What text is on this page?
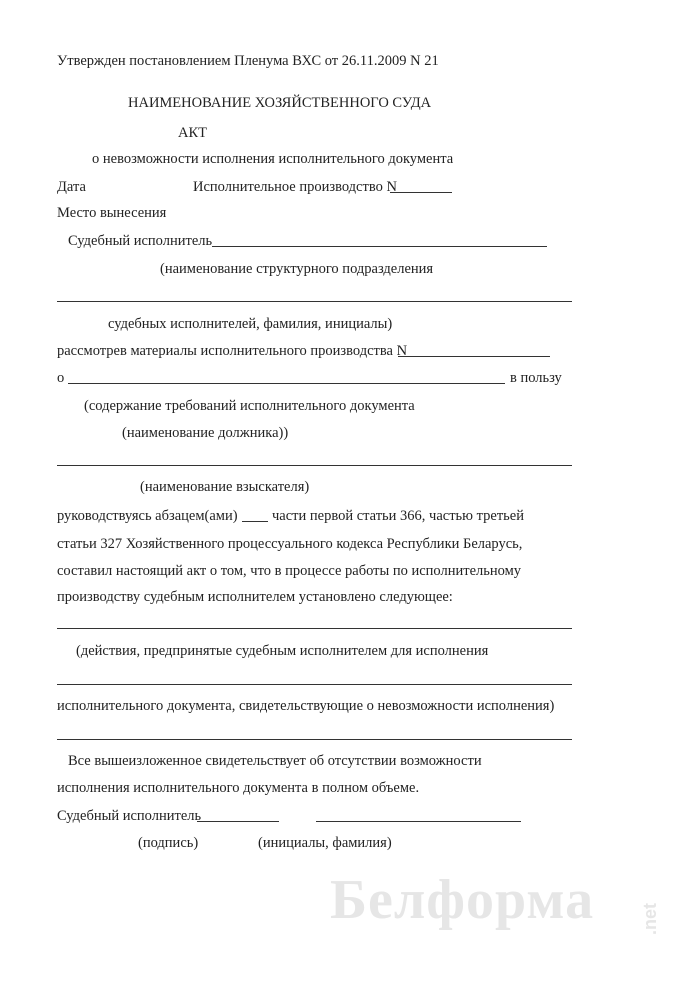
Утвержден постановлением Пленума ВХС от 26.11.2009 N 21
НАИМЕНОВАНИЕ ХОЗЯЙСТВЕННОГО СУДА
АКТ
о невозможности исполнения исполнительного документа
Дата	Исполнительное производство N
Место вынесения
Судебный исполнитель
(наименование структурного подразделения
судебных исполнителей, фамилия, инициалы)
рассмотрев материалы исполнительного производства N
о	в пользу
(содержание требований исполнительного документа
(наименование должника))
(наименование взыскателя)
руководствуясь абзацем(ами) части первой статьи 366, частью третьей
статьи 327 Хозяйственного процессуального кодекса Республики Беларусь,
составил настоящий акт о том, что в процессе работы по исполнительному
производству судебным исполнителем установлено следующее:
(действия, предпринятые судебным исполнителем для исполнения
исполнительного документа, свидетельствующие о невозможности исполнения)
Все вышеизложенное свидетельствует об отсутствии возможности
исполнения исполнительного документа в полном объеме.
Судебный исполнитель
(подпись)	(инициалы, фамилия)
Белформа	.net
